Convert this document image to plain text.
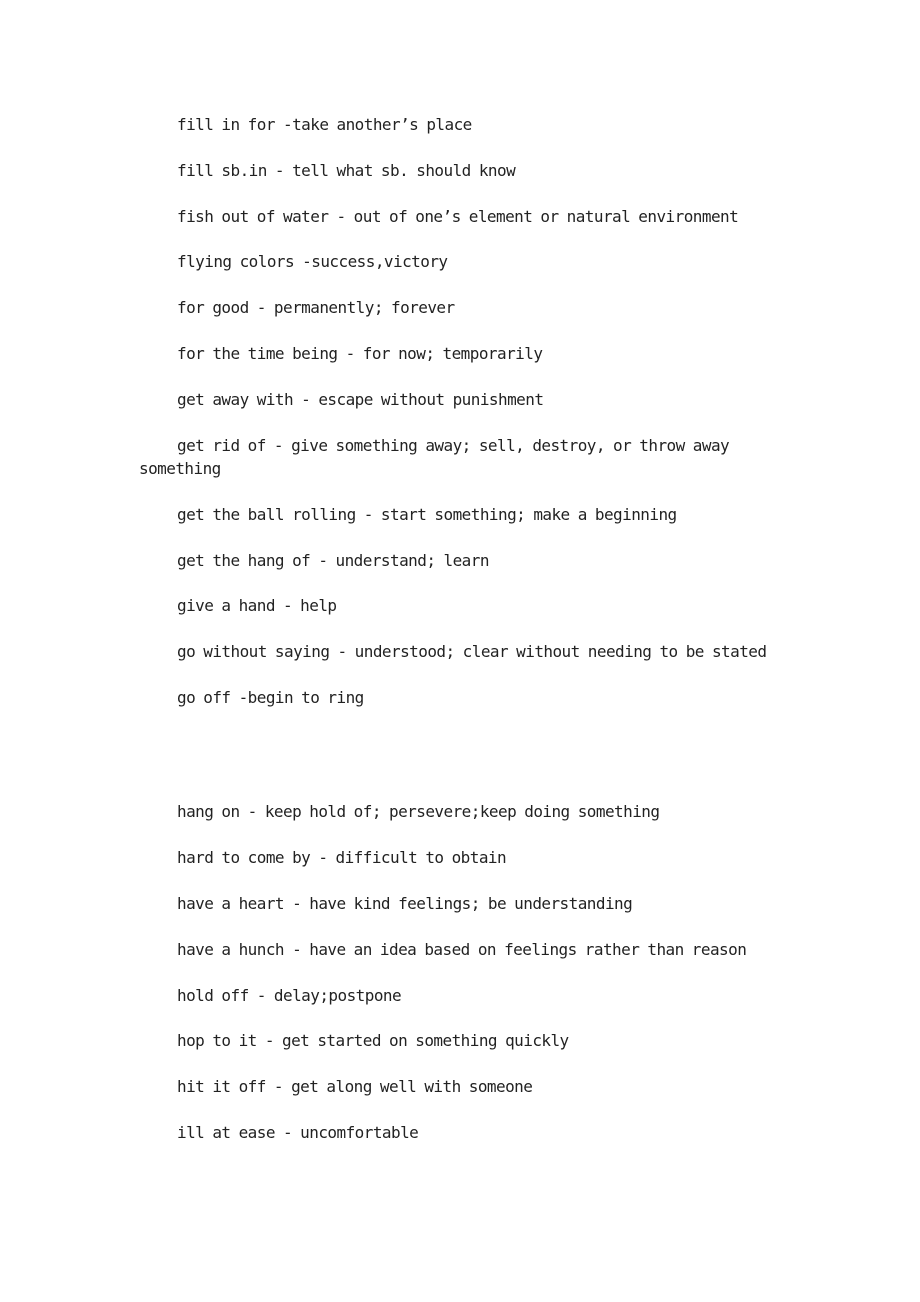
fill in for -take another’s place

fill sb.in - tell what sb. should know

fish out of water - out of one’s element or natural environment

flying colors -success,victory

for good - permanently; forever

for the time being - for now; temporarily

get away with - escape without punishment

get rid of - give something away; sell, destroy, or throw away something

get the ball rolling - start something; make a beginning

get the hang of - understand; learn

give a hand - help

go without saying - understood; clear without needing to be stated

go off -begin to ring

hang on - keep hold of; persevere;keep doing something

hard to come by - difficult to obtain

have a heart - have kind feelings; be understanding

have a hunch - have an idea based on feelings rather than reason

hold off - delay;postpone

hop to it - get started on something quickly

hit it off - get along well with someone

ill at ease - uncomfortable
